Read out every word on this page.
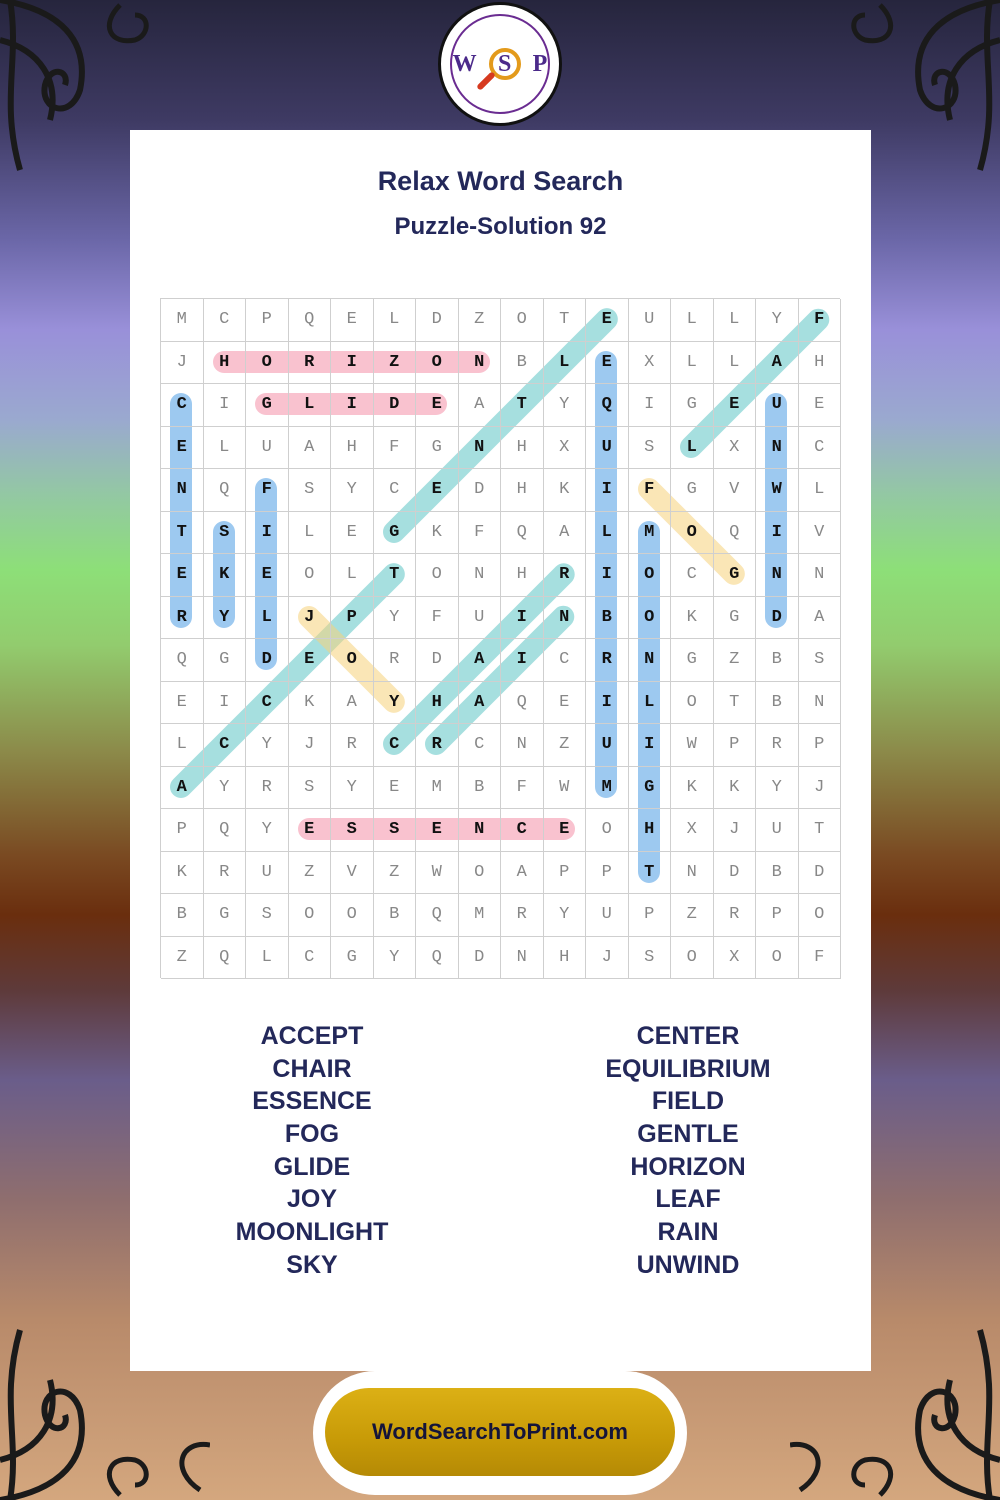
W S P
Relax Word Search
Puzzle-Solution 92
M	C	P	Q	E	L	D	Z	O	T	E	U	L	L	Y	F
J	H	O	R	I	Z	O	N	B	L	E	X	L	L	A	H
C	I	G	L	I	D	E	A	T	Y	Q	I	G	E	U	E
E	L	U	A	H	F	G	N	H	X	U	S	L	X	N	C
N	Q	F	S	Y	C	E	D	H	K	I	F	G	V	W	L
T	S	I	L	E	G	K	F	Q	A	L	M	O	Q	I	V
E	K	E	O	L	T	O	N	H	R	I	O	C	G	N	N
R	Y	L	J	P	Y	F	U	I	N	B	O	K	G	D	A
Q	G	D	E	O	R	D	A	I	C	R	N	G	Z	B	S
E	I	C	K	A	Y	H	A	Q	E	I	L	O	T	B	N
L	C	Y	J	R	C	R	C	N	Z	U	I	W	P	R	P
A	Y	R	S	Y	E	M	B	F	W	M	G	K	K	Y	J
P	Q	Y	E	S	S	E	N	C	E	O	H	X	J	U	T
K	R	U	Z	V	Z	W	O	A	P	P	T	N	D	B	D
B	G	S	O	O	B	Q	M	R	Y	U	P	Z	R	P	O
Z	Q	L	C	G	Y	Q	D	N	H	J	S	O	X	O	F
ACCEPT
CHAIR
ESSENCE
FOG
GLIDE
JOY
MOONLIGHT
SKY
CENTER
EQUILIBRIUM
FIELD
GENTLE
HORIZON
LEAF
RAIN
UNWIND
WordSearchToPrint.com
